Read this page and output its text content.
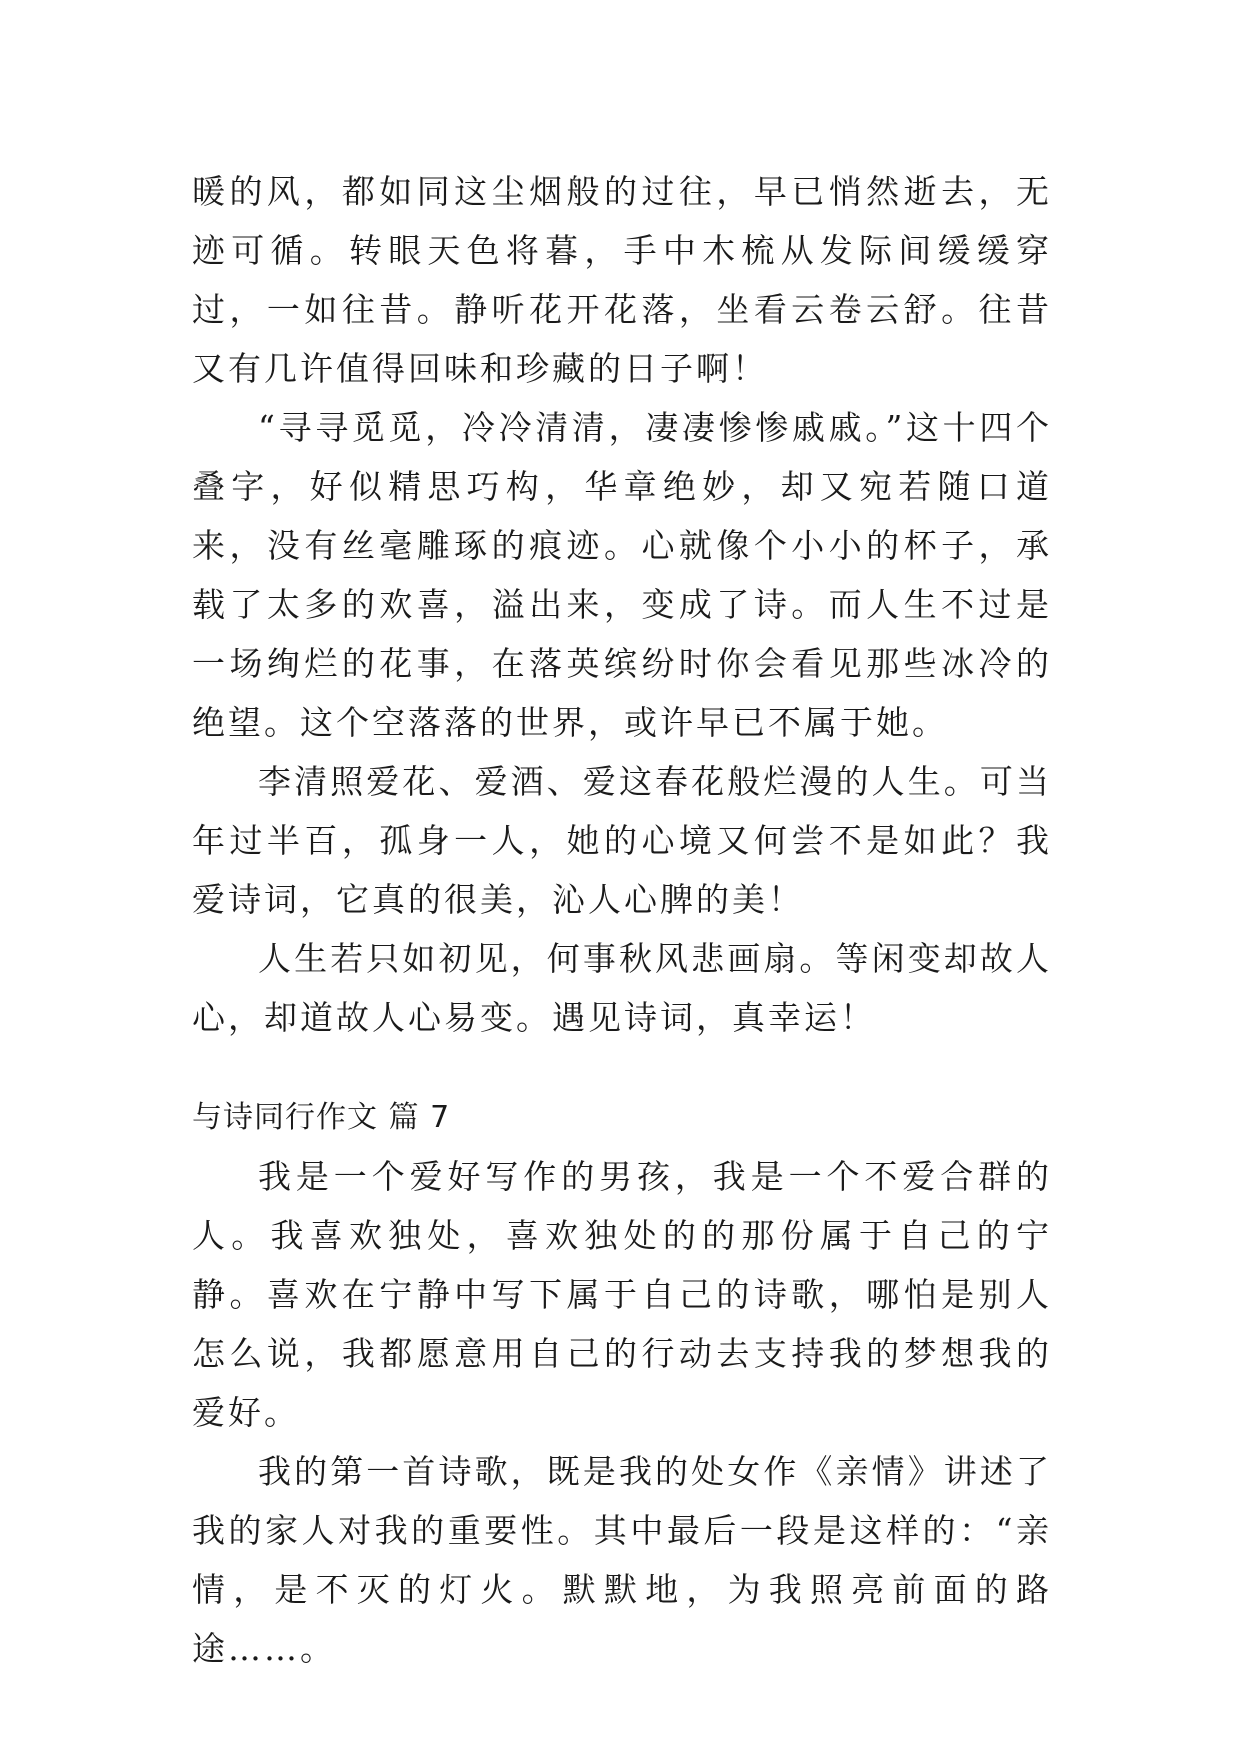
暖的风，都如同这尘烟般的过往，早已悄然逝去，无迹可循。转眼天色将暮，手中木梳从发际间缓缓穿过，一如往昔。静听花开花落，坐看云卷云舒。往昔又有几许值得回味和珍藏的日子啊！

“寻寻觅觅，冷冷清清，凄凄惨惨戚戚。”这十四个叠字，好似精思巧构，华章绝妙，却又宛若随口道来，没有丝毫雕琢的痕迹。心就像个小小的杯子，承载了太多的欢喜，溢出来，变成了诗。而人生不过是一场绚烂的花事，在落英缤纷时你会看见那些冰冷的绝望。这个空落落的世界，或许早已不属于她。

李清照爱花、爱酒、爱这春花般烂漫的人生。可当年过半百，孤身一人，她的心境又何尝不是如此？我爱诗词，它真的很美，沁人心脾的美！

人生若只如初见，何事秋风悲画扇。等闲变却故人心，却道故人心易变。遇见诗词，真幸运！

与诗同行作文 篇 7

我是一个爱好写作的男孩，我是一个不爱合群的人。我喜欢独处，喜欢独处的的那份属于自己的宁静。喜欢在宁静中写下属于自己的诗歌，哪怕是别人怎么说，我都愿意用自己的行动去支持我的梦想我的爱好。

我的第一首诗歌，既是我的处女作《亲情》讲述了我的家人对我的重要性。其中最后一段是这样的：“亲情，是不灭的灯火。默默地，为我照亮前面的路途……。
